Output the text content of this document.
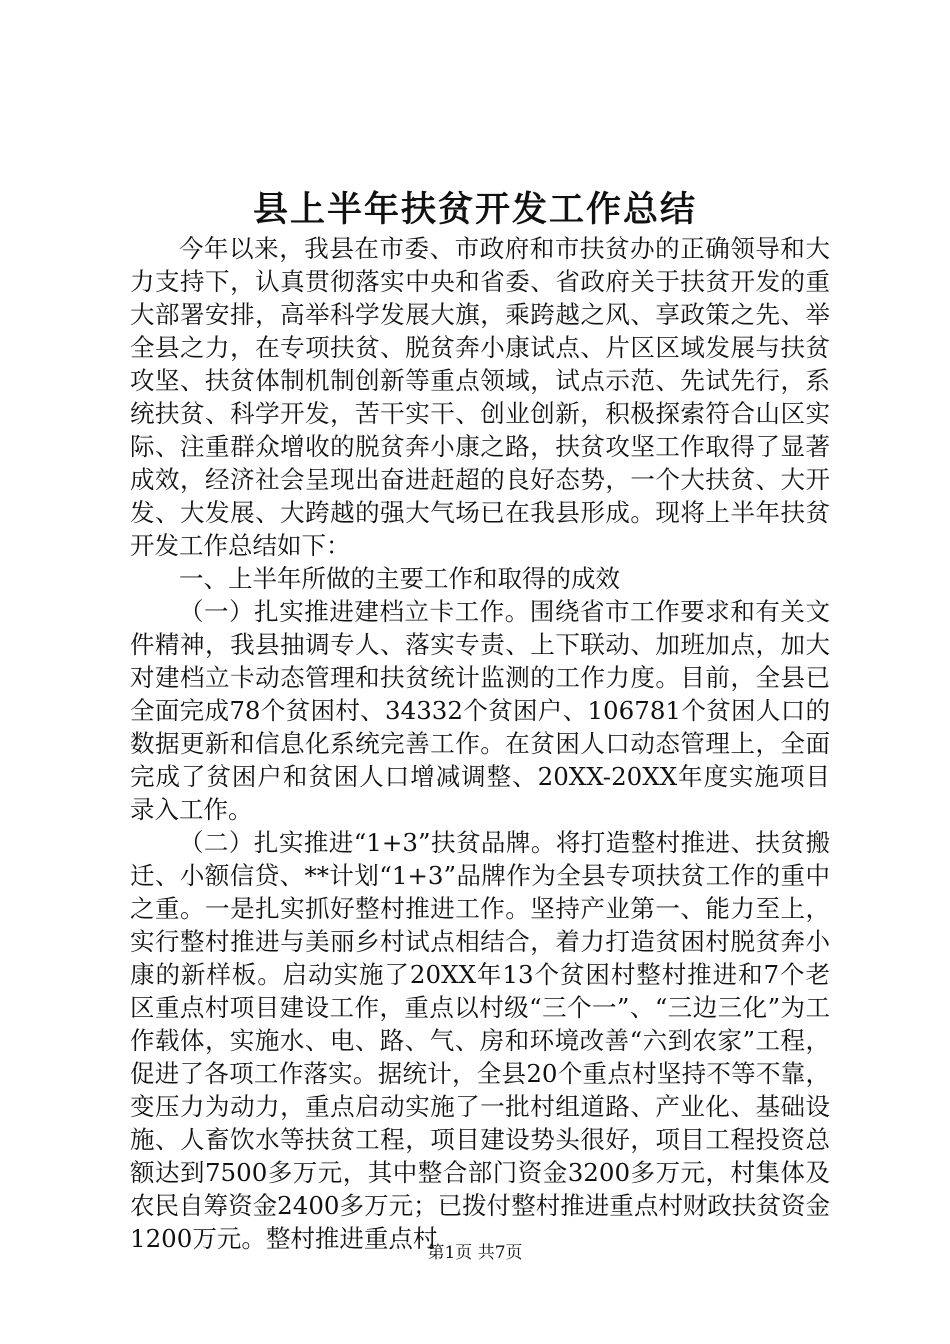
县上半年扶贫开发工作总结

今年以来，我县在市委、市政府和市扶贫办的正确领导和大力支持下，认真贯彻落实中央和省委、省政府关于扶贫开发的重大部署安排，高举科学发展大旗，乘跨越之风、享政策之先、举全县之力，在专项扶贫、脱贫奔小康试点、片区区域发展与扶贫攻坚、扶贫体制机制创新等重点领域，试点示范、先试先行，系统扶贫、科学开发，苦干实干、创业创新，积极探索符合山区实际、注重群众增收的脱贫奔小康之路，扶贫攻坚工作取得了显著成效，经济社会呈现出奋进赶超的良好态势，一个大扶贫、大开发、大发展、大跨越的强大气场已在我县形成。现将上半年扶贫开发工作总结如下：

一、上半年所做的主要工作和取得的成效

（一）扎实推进建档立卡工作。围绕省市工作要求和有关文件精神，我县抽调专人、落实专责、上下联动、加班加点，加大对建档立卡动态管理和扶贫统计监测的工作力度。目前，全县已全面完成78个贫困村、34332个贫困户、106781个贫困人口的数据更新和信息化系统完善工作。在贫困人口动态管理上，全面完成了贫困户和贫困人口增减调整、20XX-20XX年度实施项目录入工作。

（二）扎实推进“1+3”扶贫品牌。将打造整村推进、扶贫搬迁、小额信贷、**计划“1+3”品牌作为全县专项扶贫工作的重中之重。一是扎实抓好整村推进工作。坚持产业第一、能力至上，实行整村推进与美丽乡村试点相结合，着力打造贫困村脱贫奔小康的新样板。启动实施了20XX年13个贫困村整村推进和7个老区重点村项目建设工作，重点以村级“三个一”、“三边三化”为工作载体，实施水、电、路、气、房和环境改善“六到农家”工程，促进了各项工作落实。据统计，全县20个重点村坚持不等不靠，变压力为动力，重点启动实施了一批村组道路、产业化、基础设施、人畜饮水等扶贫工程，项目建设势头很好，项目工程投资总额达到7500多万元，其中整合部门资金3200多万元，村集体及农民自筹资金2400多万元；已拨付整村推进重点村财政扶贫资金1200万元。整村推进重点村

第1页 共7页
